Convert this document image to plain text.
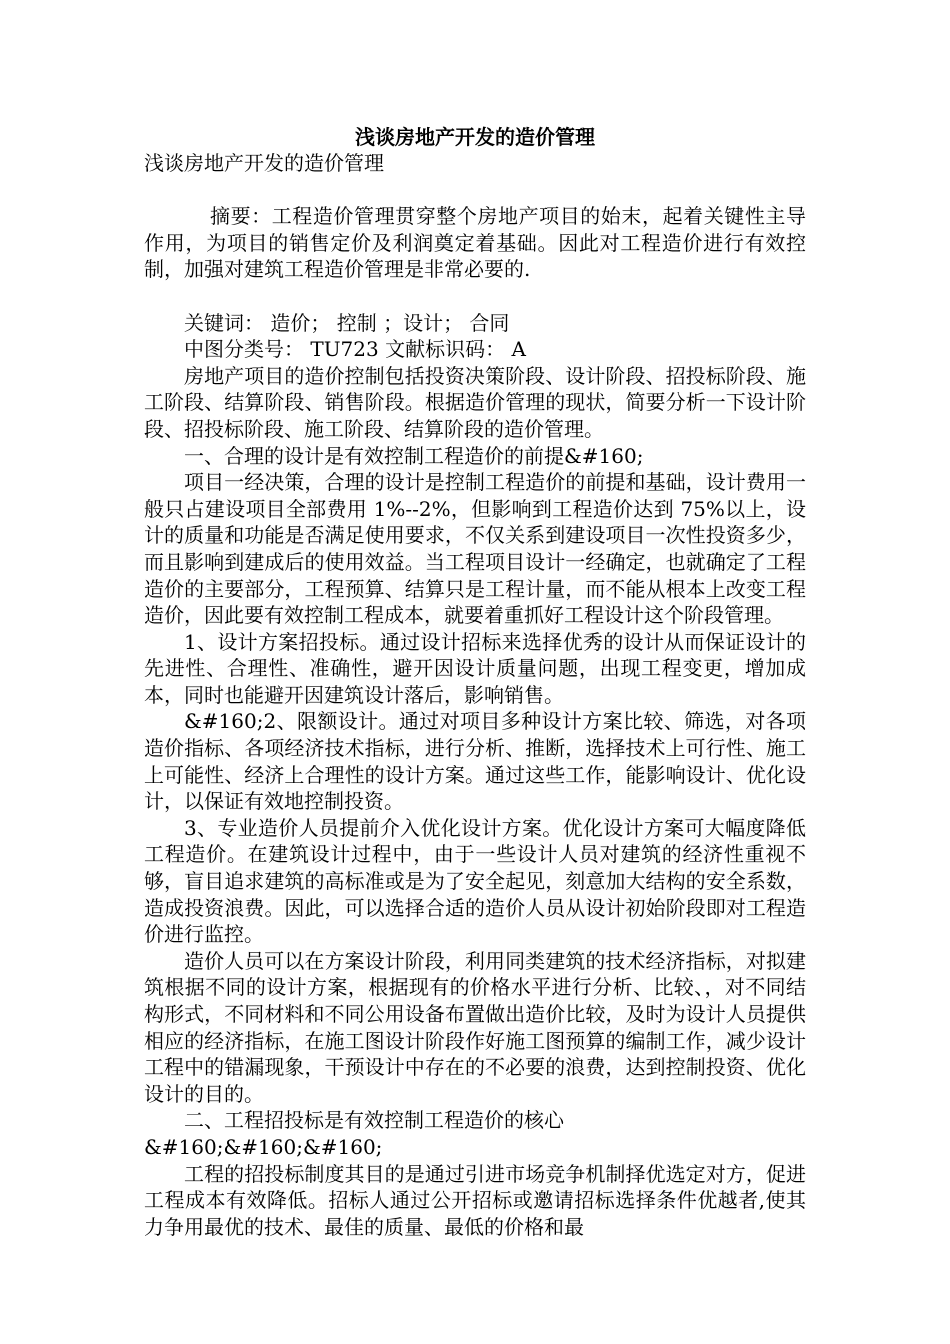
浅谈房地产开发的造价管理

浅谈房地产开发的造价管理

摘要：工程造价管理贯穿整个房地产项目的始末，起着关键性主导作用，为项目的销售定价及利润奠定着基础。因此对工程造价进行有效控制，加强对建筑工程造价管理是非常必要的.

关键词： 造价； 控制 ；设计； 合同

中图分类号： TU723 文献标识码： A

房地产项目的造价控制包括投资决策阶段、设计阶段、招投标阶段、施工阶段、结算阶段、销售阶段。根据造价管理的现状，简要分析一下设计阶段、招投标阶段、施工阶段、结算阶段的造价管理。

一、合理的设计是有效控制工程造价的前提&#160;

项目一经决策，合理的设计是控制工程造价的前提和基础，设计费用一般只占建设项目全部费用 1%--2%，但影响到工程造价达到 75%以上，设计的质量和功能是否满足使用要求，不仅关系到建设项目一次性投资多少，而且影响到建成后的使用效益。当工程项目设计一经确定，也就确定了工程造价的主要部分，工程预算、结算只是工程计量，而不能从根本上改变工程造价，因此要有效控制工程成本，就要着重抓好工程设计这个阶段管理。

1、设计方案招投标。通过设计招标来选择优秀的设计从而保证设计的先进性、合理性、准确性，避开因设计质量问题，出现工程变更，增加成本，同时也能避开因建筑设计落后，影响销售。

&#160;2、限额设计。通过对项目多种设计方案比较、筛选，对各项造价指标、各项经济技术指标，进行分析、推断，选择技术上可行性、施工上可能性、经济上合理性的设计方案。通过这些工作，能影响设计、优化设计，以保证有效地控制投资。

3、专业造价人员提前介入优化设计方案。优化设计方案可大幅度降低工程造价。在建筑设计过程中，由于一些设计人员对建筑的经济性重视不够，盲目追求建筑的高标准或是为了安全起见，刻意加大结构的安全系数，造成投资浪费。因此，可以选择合适的造价人员从设计初始阶段即对工程造价进行监控。

造价人员可以在方案设计阶段，利用同类建筑的技术经济指标，对拟建筑根据不同的设计方案，根据现有的价格水平进行分析、比较、，对不同结构形式，不同材料和不同公用设备布置做出造价比较，及时为设计人员提供相应的经济指标，在施工图设计阶段作好施工图预算的编制工作，减少设计工程中的错漏现象，干预设计中存在的不必要的浪费，达到控制投资、优化设计的目的。

二、工程招投标是有效控制工程造价的核心

&#160;&#160;&#160;

工程的招投标制度其目的是通过引进市场竞争机制择优选定对方，促进工程成本有效降低。招标人通过公开招标或邀请招标选择条件优越者,使其力争用最优的技术、最佳的质量、最低的价格和最
